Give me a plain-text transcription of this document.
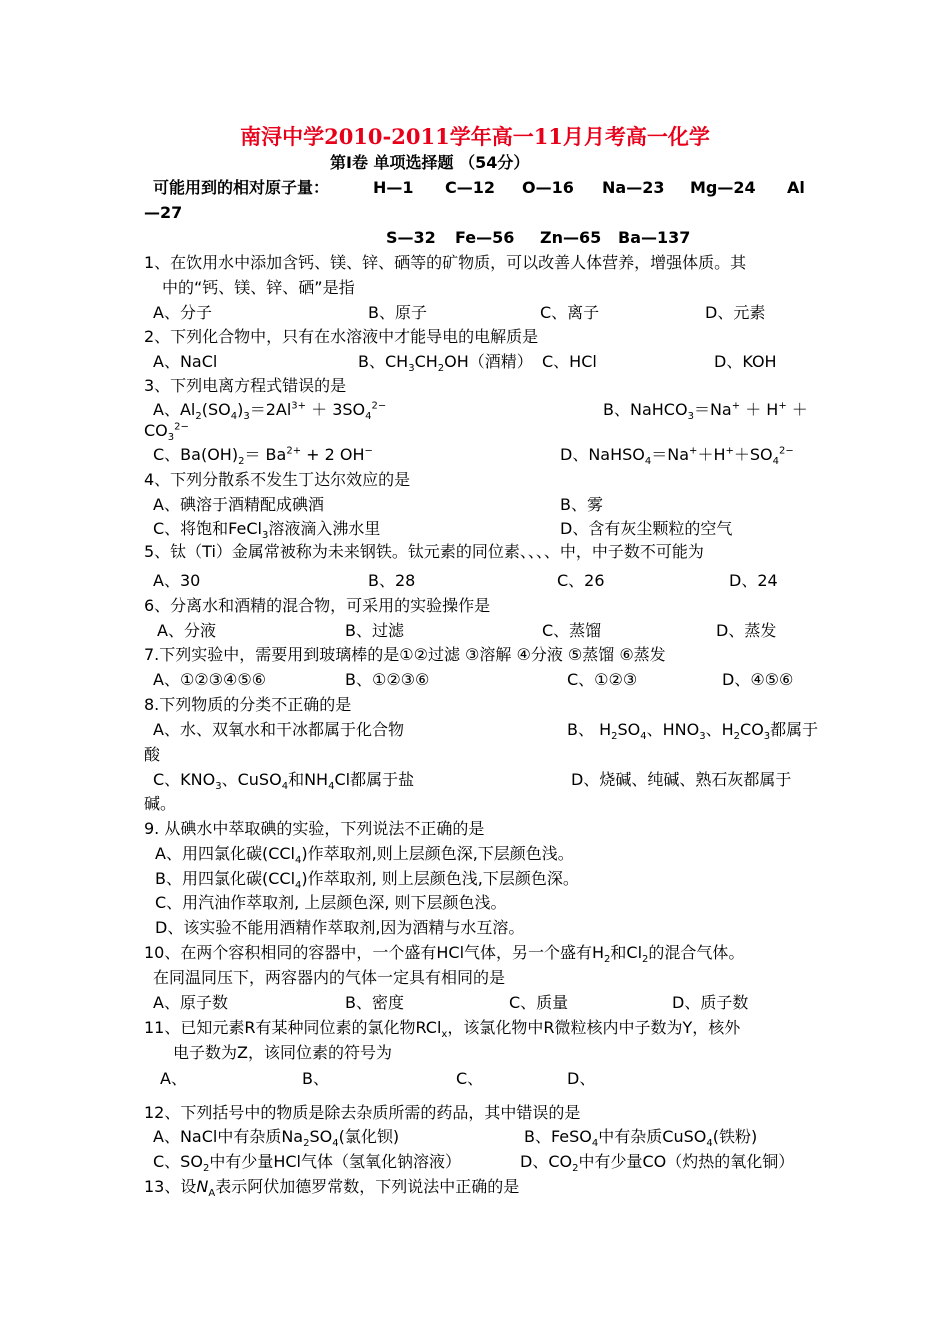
南浔中学2010-2011学年高一11月月考高一化学
第Ⅰ卷 单项选择题 （54分）
可能用到的相对原子量：	H—1 C—12 O—16 Na—23 Mg—24 Al
—27
S—32 Fe—56 Zn—65 Ba—137
1、在饮用水中添加含钙、镁、锌、硒等的矿物质，可以改善人体营养，增强体质。其
中的“钙、镁、锌、硒”是指
A、分子	B、原子	C、离子	D、元素
2、下列化合物中，只有在水溶液中才能导电的电解质是
A、NaCl	B、$CH_3CH_2OH$（酒精） C、HCl	D、KOH
3、下列电离方程式错误的是
A、$Al_2(SO_4)_3=2Al^{3+} + 3SO_4^{2-}$	B、NaHCO$_3$＝Na+ ＋ H+ ＋
$CO_3^{2-}$
C、$Ba(OH)_2= Ba^{2+} + 2$ OH−	D、$NaHSO_4=Na^++H^++SO_4^{2-}$
4、下列分散系不发生丁达尔效应的是
A、碘溶于酒精配成碘酒	B、雾
C、将饱和FeCl$_3$溶液滴入沸水里	D、含有灰尘颗粒的空气
5、钛（Ti）金属常被称为未来钢铁。钛元素的同位素、、、、中，中子数不可能为
A、30	B、28	C、26	D、24
6、分离水和酒精的混合物，可采用的实验操作是
A、分液	B、过滤	C、蒸馏	D、蒸发
7.下列实验中，需要用到玻璃棒的是①②过滤 ③溶解 ④分液 ⑤蒸馏 ⑥蒸发
A、①②③④⑤⑥	B、①②③⑥	C、①②③	D、④⑤⑥
8.下列物质的分类不正确的是
A、水、双氧水和干冰都属于化合物	B、 $H_2SO_4$、$HNO_3$、$H_2CO_3$都属于
酸
C、$KNO_3$、CuSO$_4$和$NH_4Cl$都属于盐	D、烧碱、纯碱、熟石灰都属于
碱。
9. 从碘水中萃取碘的实验，下列说法不正确的是
A、用四氯化碳(CCl$_4$)作萃取剂,则上层颜色深,下层颜色浅。
B、用四氯化碳(CCl$_4$)作萃取剂, 则上层颜色浅,下层颜色深。
C、用汽油作萃取剂, 上层颜色深, 则下层颜色浅。
D、该实验不能用酒精作萃取剂,因为酒精与水互溶。
10、在两个容积相同的容器中，一个盛有HCl气体，另一个盛有$H_2$和$Cl_2$的混合气体。
在同温同压下，两容器内的气体一定具有相同的是
A、原子数	B、密度	C、质量	D、质子数
11、已知元素R有某种同位素的氯化物RCl$_x$，该氯化物中R微粒核内中子数为Y，核外
电子数为Z，该同位素的符号为
A、	B、	C、	D、
12、下列括号中的物质是除去杂质所需的药品，其中错误的是
A、NaCl中有杂质$Na_2SO_4$(氯化钡)	B、FeSO$_4$中有杂质CuSO$_4$(铁粉)
C、$SO_2$中有少量HCl气体（氢氧化钠溶液）	D、$CO_2$中有少量CO（灼热的氧化铜）
13、设$N_A$表示阿伏加德罗常数，下列说法中正确的是
